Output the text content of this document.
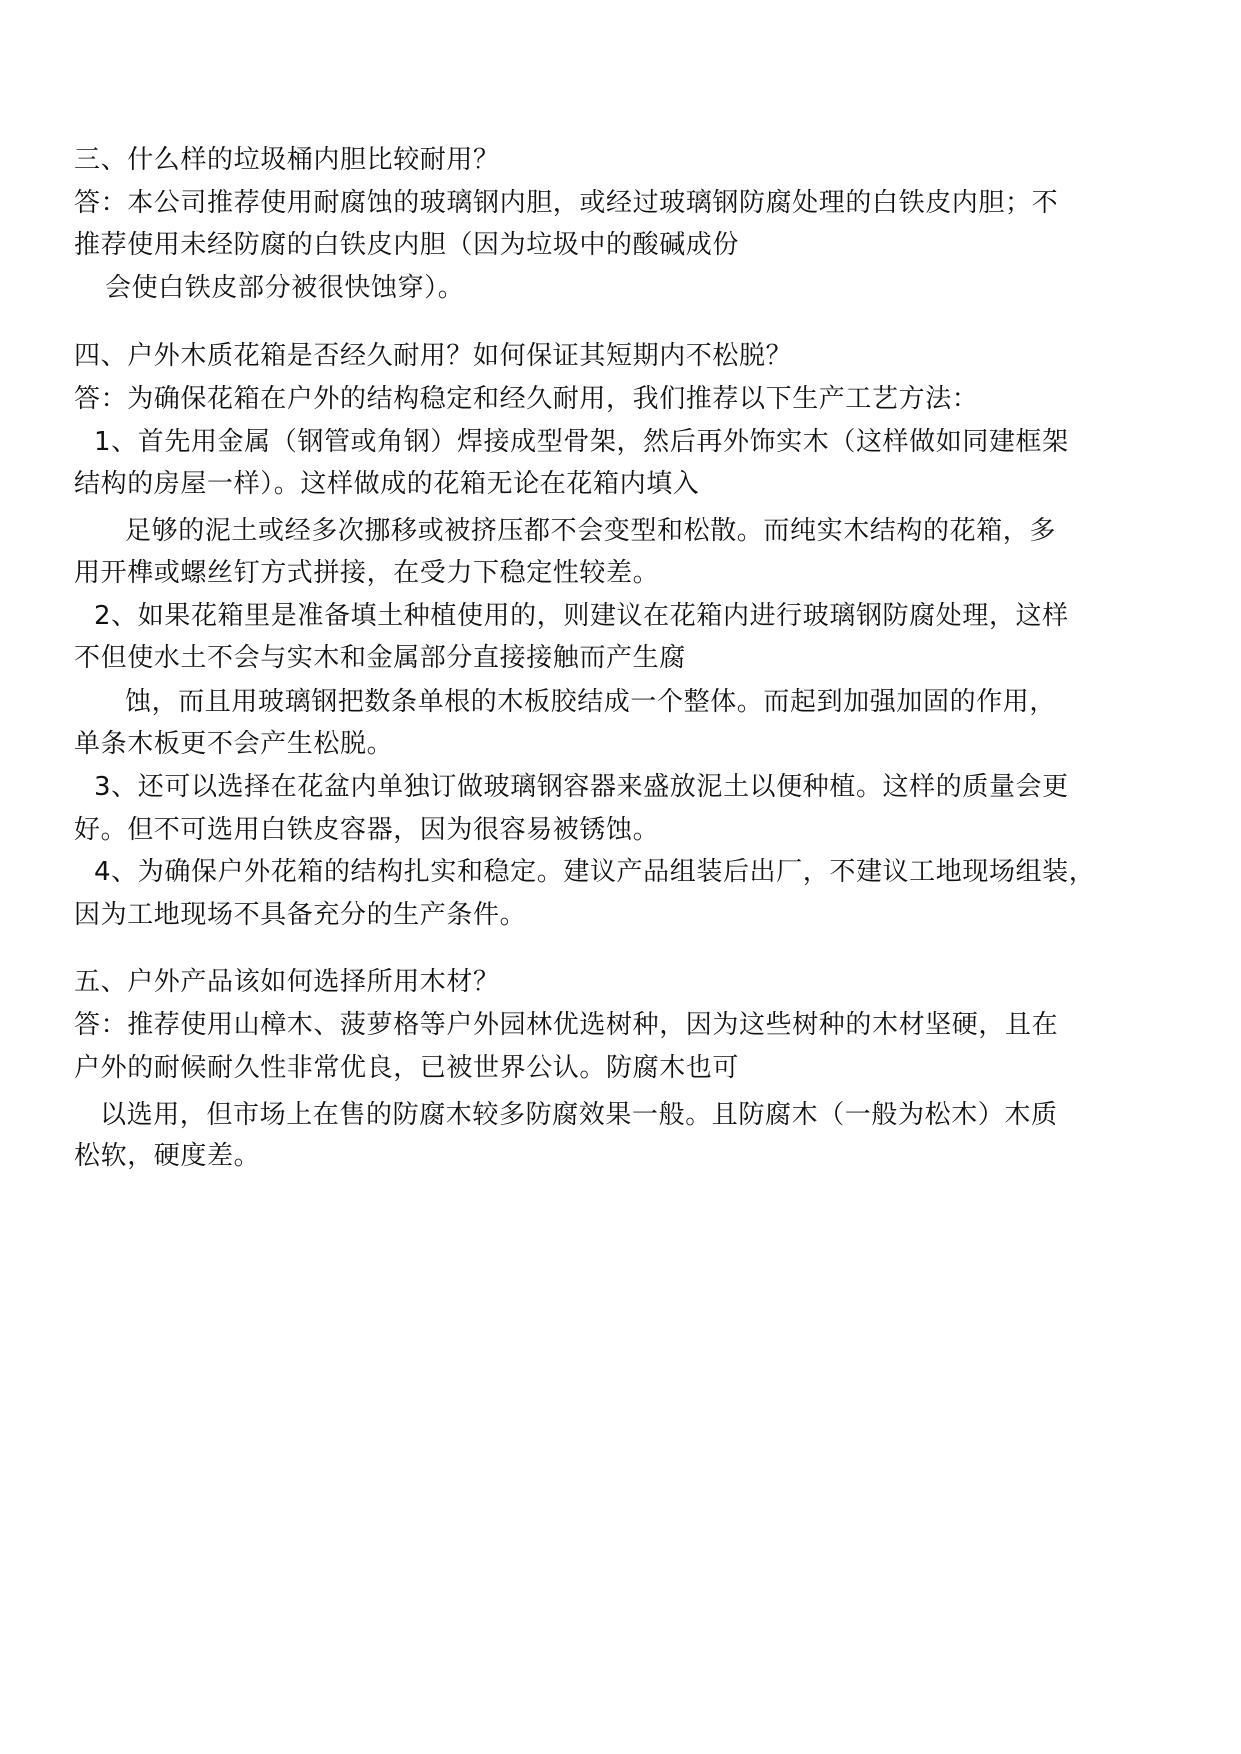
三、什么样的垃圾桶内胆比较耐用？
答：本公司推荐使用耐腐蚀的玻璃钢内胆，或经过玻璃钢防腐处理的白铁皮内胆；不
推荐使用未经防腐的白铁皮内胆（因为垃圾中的酸碱成份
会使白铁皮部分被很快蚀穿）。
四、户外木质花箱是否经久耐用？如何保证其短期内不松脱？
答：为确保花箱在户外的结构稳定和经久耐用，我们推荐以下生产工艺方法：
1、首先用金属（钢管或角钢）焊接成型骨架，然后再外饰实木（这样做如同建框架
结构的房屋一样）。这样做成的花箱无论在花箱内填入
足够的泥土或经多次挪移或被挤压都不会变型和松散。而纯实木结构的花箱，多
用开榫或螺丝钉方式拼接，在受力下稳定性较差。
2、如果花箱里是准备填土种植使用的，则建议在花箱内进行玻璃钢防腐处理，这样
不但使水土不会与实木和金属部分直接接触而产生腐
蚀，而且用玻璃钢把数条单根的木板胶结成一个整体。而起到加强加固的作用，
单条木板更不会产生松脱。
3、还可以选择在花盆内单独订做玻璃钢容器来盛放泥土以便种植。这样的质量会更
好。但不可选用白铁皮容器，因为很容易被锈蚀。
4、为确保户外花箱的结构扎实和稳定。建议产品组装后出厂，不建议工地现场组装，
因为工地现场不具备充分的生产条件。
五、户外产品该如何选择所用木材？
答：推荐使用山樟木、菠萝格等户外园林优选树种，因为这些树种的木材坚硬，且在
户外的耐候耐久性非常优良，已被世界公认。防腐木也可
以选用，但市场上在售的防腐木较多防腐效果一般。且防腐木（一般为松木）木质
松软，硬度差。
